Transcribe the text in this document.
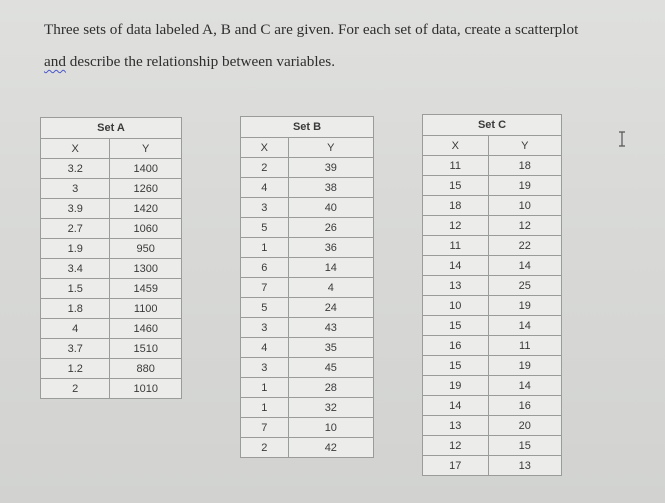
Three sets of data labeled A, B and C are given. For each set of data, create a scatterplot
and describe the relationship between variables.
Set A	
X	Y
3.2	1400
3	1260
3.9	1420
2.7	1060
1.9	950
3.4	1300
1.5	1459
1.8	1100
4	1460
3.7	1510
1.2	880
2	1010
Set B	
X	Y
2	39
4	38
3	40
5	26
1	36
6	14
7	4
5	24
3	43
4	35
3	45
1	28
1	32
7	10
2	42
Set C	
X	Y
11	18
15	19
18	10
12	12
11	22
14	14
13	25
10	19
15	14
16	11
15	19
19	14
14	16
13	20
12	15
17	13
